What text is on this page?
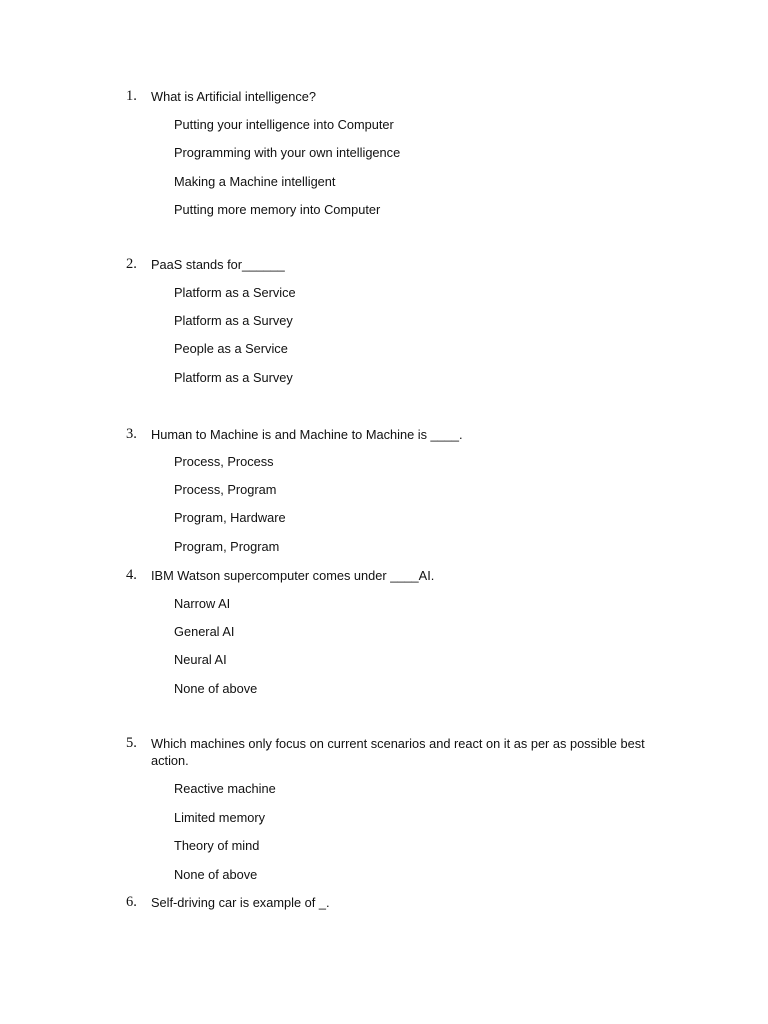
1. What is Artificial intelligence?
Putting your intelligence into Computer
Programming with your own intelligence
Making a Machine intelligent
Putting more memory into Computer
2. PaaS stands for______
Platform as a Service
Platform as a Survey
People as a Service
Platform as a Survey
3. Human to Machine is and Machine to Machine is ____.
Process, Process
Process, Program
Program, Hardware
Program, Program
4. IBM Watson supercomputer comes under ____AI.
Narrow AI
General AI
Neural AI
None of above
5. Which machines only focus on current scenarios and react on it as per as possible best action.
Reactive machine
Limited memory
Theory of mind
None of above
6. Self-driving car is example of _.
